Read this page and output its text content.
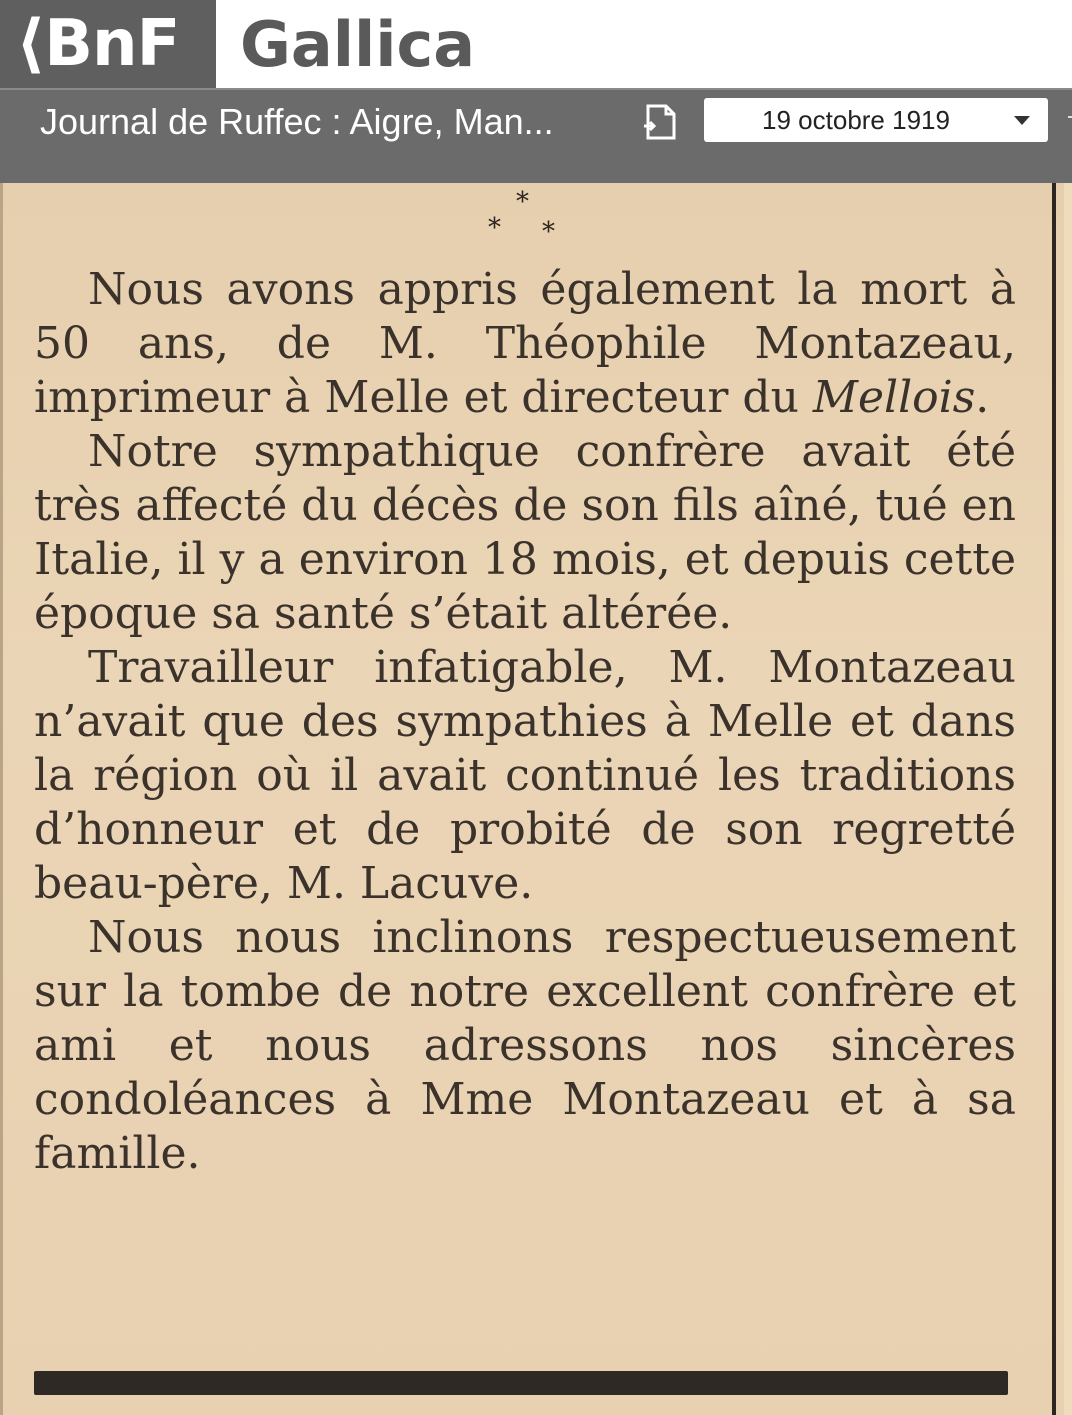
⟨BnF Gallica
Journal de Ruffec : Aigre, Man...	19 octobre 1919
*
* *

Nous avons appris également la mort à 50 ans, de M. Théophile Montazeau, imprimeur à Melle et directeur du Mellois.

Notre sympathique confrère avait été très affecté du décès de son fils aîné, tué en Italie, il y a environ 18 mois, et depuis cette époque sa santé s’était altérée.

Travailleur infatigable, M. Montazeau n’avait que des sympathies à Melle et dans la région où il avait continué les traditions d’honneur et de probité de son regretté beau-père, M. Lacuve.

Nous nous inclinons respectueusement sur la tombe de notre excellent confrère et ami et nous adressons nos sincères condoléances à Mme Montazeau et à sa famille.
